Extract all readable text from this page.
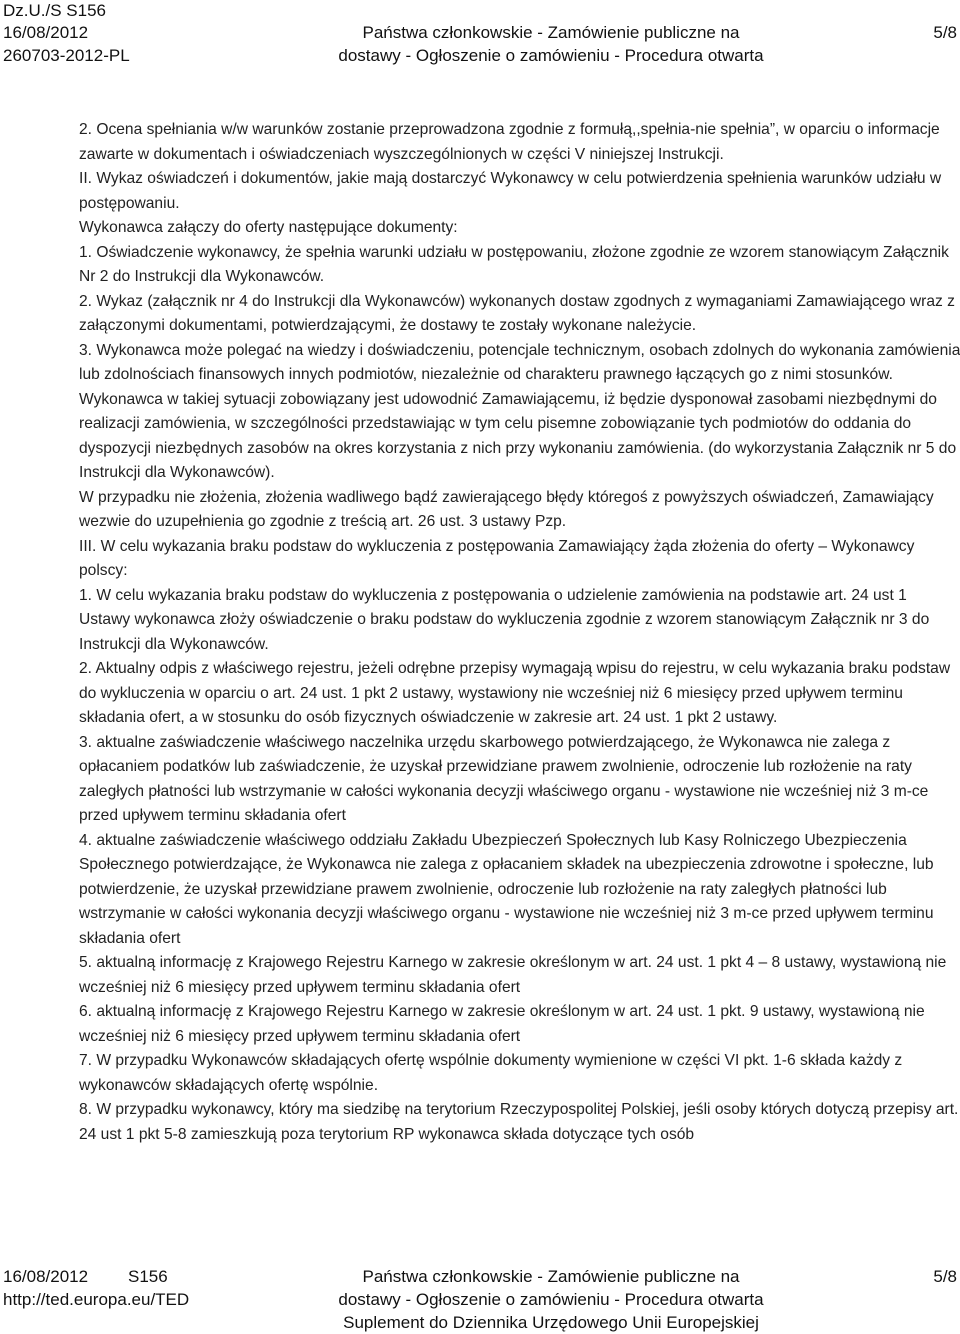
Dz.U./S S156
16/08/2012
260703-2012-PL
Państwa członkowskie - Zamówienie publiczne na
dostawy - Ogłoszenie o zamówieniu - Procedura otwarta
5/8

2. Ocena spełniania w/w warunków zostanie przeprowadzona zgodnie z formułą,,spełnia-nie spełnia”, w oparciu o informacje zawarte w dokumentach i oświadczeniach wyszczególnionych w części V niniejszej Instrukcji.

II. Wykaz oświadczeń i dokumentów, jakie mają dostarczyć Wykonawcy w celu potwierdzenia spełnienia warunków udziału w postępowaniu.

Wykonawca załączy do oferty następujące dokumenty:

1. Oświadczenie wykonawcy, że spełnia warunki udziału w postępowaniu, złożone zgodnie ze wzorem stanowiącym Załącznik Nr 2 do Instrukcji dla Wykonawców.

2. Wykaz (załącznik nr 4 do Instrukcji dla Wykonawców) wykonanych dostaw zgodnych z wymaganiami Zamawiającego wraz z załączonymi dokumentami, potwierdzającymi, że dostawy te zostały wykonane należycie.

3. Wykonawca może polegać na wiedzy i doświadczeniu, potencjale technicznym, osobach zdolnych do wykonania zamówienia lub zdolnościach finansowych innych podmiotów, niezależnie od charakteru prawnego łączących go z nimi stosunków. Wykonawca w takiej sytuacji zobowiązany jest udowodnić Zamawiającemu, iż będzie dysponował zasobami niezbędnymi do realizacji zamówienia, w szczególności przedstawiając w tym celu pisemne zobowiązanie tych podmiotów do oddania do dyspozycji niezbędnych zasobów na okres korzystania z nich przy wykonaniu zamówienia. (do wykorzystania Załącznik nr 5 do Instrukcji dla Wykonawców).

W przypadku nie złożenia, złożenia wadliwego bądź zawierającego błędy któregoś z powyższych oświadczeń, Zamawiający wezwie do uzupełnienia go zgodnie z treścią art. 26 ust. 3 ustawy Pzp.

III. W celu wykazania braku podstaw do wykluczenia z postępowania Zamawiający żąda złożenia do oferty – Wykonawcy polscy:

1. W celu wykazania braku podstaw do wykluczenia z postępowania o udzielenie zamówienia na podstawie art. 24 ust 1 Ustawy wykonawca złoży oświadczenie o braku podstaw do wykluczenia zgodnie z wzorem stanowiącym Załącznik nr 3 do Instrukcji dla Wykonawców.

2. Aktualny odpis z właściwego rejestru, jeżeli odrębne przepisy wymagają wpisu do rejestru, w celu wykazania braku podstaw do wykluczenia w oparciu o art. 24 ust. 1 pkt 2 ustawy, wystawiony nie wcześniej niż 6 miesięcy przed upływem terminu składania ofert, a w stosunku do osób fizycznych oświadczenie w zakresie art. 24 ust. 1 pkt 2 ustawy.

3. aktualne zaświadczenie właściwego naczelnika urzędu skarbowego potwierdzającego, że Wykonawca nie zalega z opłacaniem podatków lub zaświadczenie, że uzyskał przewidziane prawem zwolnienie, odroczenie lub rozłożenie na raty zaległych płatności lub wstrzymanie w całości wykonania decyzji właściwego organu - wystawione nie wcześniej niż 3 m-ce przed upływem terminu składania ofert

4. aktualne zaświadczenie właściwego oddziału Zakładu Ubezpieczeń Społecznych lub Kasy Rolniczego Ubezpieczenia Społecznego potwierdzające, że Wykonawca nie zalega z opłacaniem składek na ubezpieczenia zdrowotne i społeczne, lub potwierdzenie, że uzyskał przewidziane prawem zwolnienie, odroczenie lub rozłożenie na raty zaległych płatności lub wstrzymanie w całości wykonania decyzji właściwego organu - wystawione nie wcześniej niż 3 m-ce przed upływem terminu składania ofert

5. aktualną informację z Krajowego Rejestru Karnego w zakresie określonym w art. 24 ust. 1 pkt 4 – 8 ustawy, wystawioną nie wcześniej niż 6 miesięcy przed upływem terminu składania ofert

6. aktualną informację z Krajowego Rejestru Karnego w zakresie określonym w art. 24 ust. 1 pkt. 9 ustawy, wystawioną nie wcześniej niż 6 miesięcy przed upływem terminu składania ofert

7. W przypadku Wykonawców składających ofertę wspólnie dokumenty wymienione w części VI pkt. 1-6 składa każdy z wykonawców składających ofertę wspólnie.

8. W przypadku wykonawcy, który ma siedzibę na terytorium Rzeczypospolitej Polskiej, jeśli osoby których dotyczą przepisy art. 24 ust 1 pkt 5-8 zamieszkują poza terytorium RP wykonawca składa dotyczące tych osób

16/08/2012 S156
http://ted.europa.eu/TED
Państwa członkowskie - Zamówienie publiczne na
dostawy - Ogłoszenie o zamówieniu - Procedura otwarta
Suplement do Dziennika Urzędowego Unii Europejskiej
5/8
